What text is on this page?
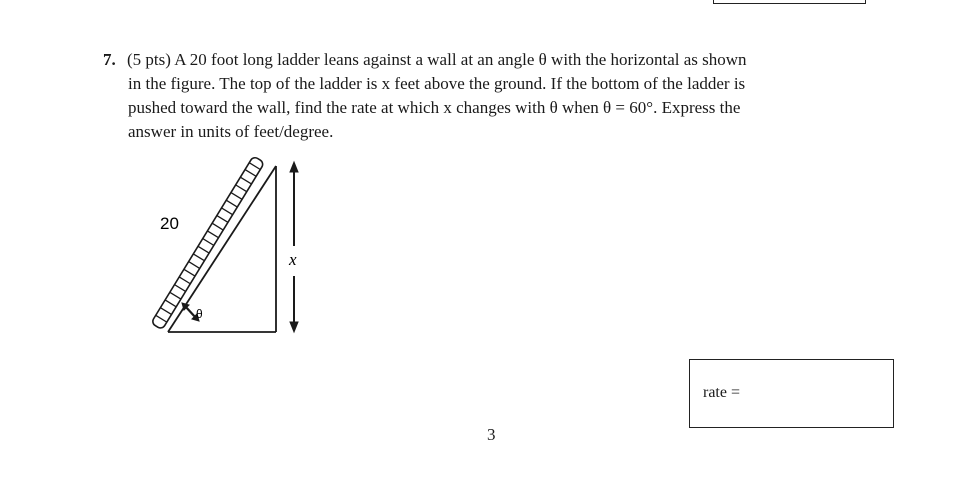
7. (5 pts) A 20 foot long ladder leans against a wall at an angle θ with the horizontal as shown
in the figure. The top of the ladder is x feet above the ground. If the bottom of the ladder is
pushed toward the wall, find the rate at which x changes with θ when θ = 60°. Express the
answer in units of feet/degree.
20
x
θ
rate =
3
